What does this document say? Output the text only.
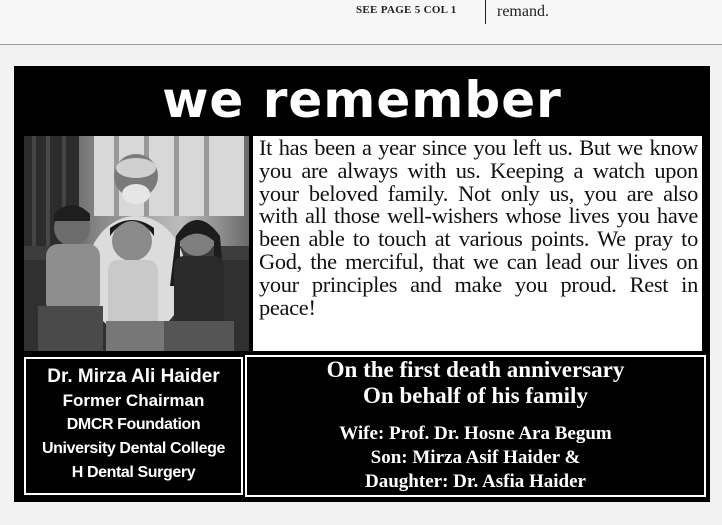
SEE PAGE 5 COL 1	remand.
we remember
It has been a year since you left us. But we know you are always with us. Keeping a watch upon your beloved family. Not only us, you are also with all those well-wishers whose lives you have been able to touch at various points. We pray to God, the merciful, that we can lead our lives on your principles and make you proud. Rest in peace!
Dr. Mirza Ali Haider
Former Chairman
DMCR Foundation
University Dental College
H Dental Surgery
On the first death anniversary
On behalf of his family
Wife: Prof. Dr. Hosne Ara Begum
Son: Mirza Asif Haider &
Daughter: Dr. Asfia Haider
